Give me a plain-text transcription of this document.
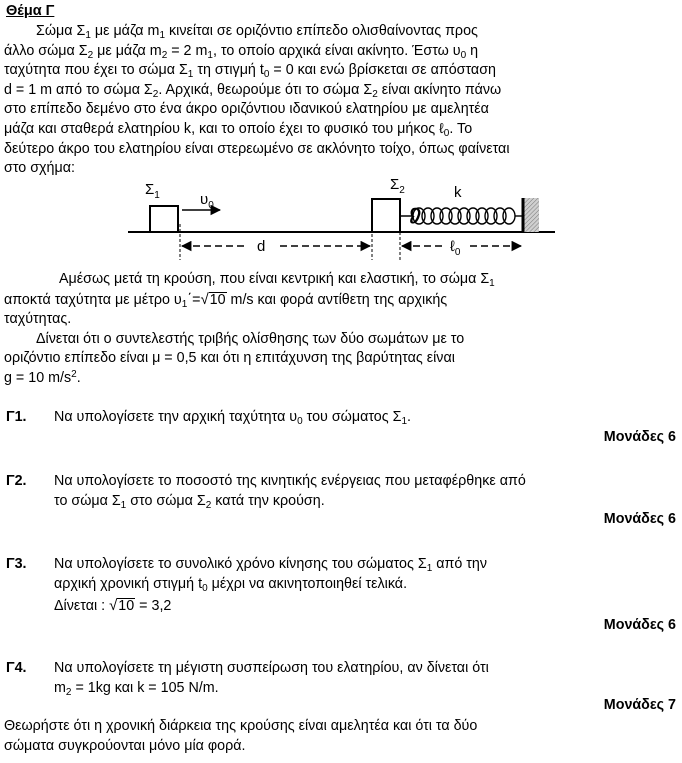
Θέμα Γ
Σώμα $\Sigma_1$ με μάζα $m_1$ κινείται σε οριζόντιο επίπεδο ολισθαίνοντας προς
άλλο σώμα $\Sigma_2$ με μάζα $m_2 = 2$ $m_1$, το οποίο αρχικά είναι ακίνητο. Έστω $\upsilon_0$ η
ταχύτητα που έχει το σώμα $\Sigma_1$ τη στιγμή $t_0 = 0$ και ενώ βρίσκεται σε απόσταση
d = 1 m από το σώμα $\Sigma_2$. Αρχικά, θεωρούμε ότι το σώμα $\Sigma_2$ είναι ακίνητο πάνω
στο επίπεδο δεμένο στο ένα άκρο οριζόντιου ιδανικού ελατηρίου με αμελητέα
μάζα και σταθερά ελατηρίου k, και το οποίο έχει το φυσικό του μήκος ℓ$_0$. Το
δεύτερο άκρο του ελατηρίου είναι στερεωμένο σε ακλόνητο τοίχο, όπως φαίνεται
στο σχήμα:
$\Sigma_1$	$\upsilon_0$
$\Sigma_2$	k
d	ℓ$_0$
Αμέσως μετά τη κρούση, που είναι κεντρική και ελαστική, το σώμα $\Sigma_1$
αποκτά ταχύτητα με μέτρο $\upsilon_1΄=√10$ m/s και φορά αντίθετη της αρχικής
ταχύτητας.
Δίνεται ότι ο συντελεστής τριβής ολίσθησης των δύο σωμάτων με το
οριζόντιο επίπεδο είναι μ = 0,5 και ότι η επιτάχυνση της βαρύτητας είναι
g = 10 $m/s^2$.
Γ1. Να υπολογίσετε την αρχική ταχύτητα $\upsilon_0$ του σώματος $\Sigma_1$.
Μονάδες 6
Γ2. Να υπολογίσετε το ποσοστό της κινητικής ενέργειας που μεταφέρθηκε από
το σώμα $\Sigma_1$ στο σώμα $\Sigma_2$ κατά την κρούση.
Μονάδες 6
Γ3. Να υπολογίσετε το συνολικό χρόνο κίνησης του σώματος $\Sigma_1$ από την
αρχική χρονική στιγμή $t_0$ μέχρι να ακινητοποιηθεί τελικά.
Δίνεται : √10 = 3,2
Μονάδες 6
Γ4. Να υπολογίσετε τη μέγιστη συσπείρωση του ελατηρίου, αν δίνεται ότι
$m_2 = 1kg$ και k = 105 N/m.
Μονάδες 7
Θεωρήστε ότι η χρονική διάρκεια της κρούσης είναι αμελητέα και ότι τα δύο
σώματα συγκρούονται μόνο μία φορά.
